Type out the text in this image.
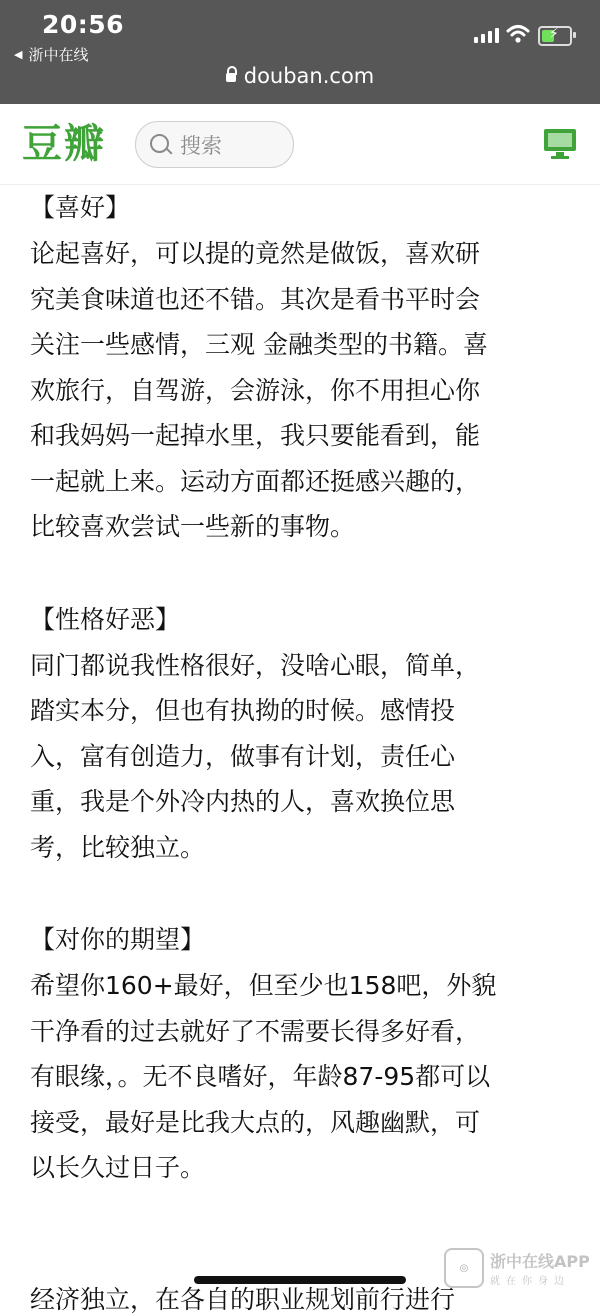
20:56
◀ 浙中在线
⚡
douban.com
豆瓣	搜索
【喜好】
论起喜好，可以提的竟然是做饭，喜欢研
究美食味道也还不错。其次是看书平时会
关注一些感情，三观 金融类型的书籍。喜
欢旅行，自驾游，会游泳，你不用担心你
和我妈妈一起掉水里，我只要能看到，能
一起就上来。运动方面都还挺感兴趣的，
比较喜欢尝试一些新的事物。
【性格好恶】
同门都说我性格很好，没啥心眼，简单，
踏实本分，但也有执拗的时候。感情投
入，富有创造力，做事有计划，责任心
重，我是个外冷内热的人，喜欢换位思
考，比较独立。
【对你的期望】
希望你160+最好，但至少也158吧，外貌
干净看的过去就好了不需要长得多好看，
有眼缘，。无不良嗜好，年龄87-95都可以
接受，最好是比我大点的，风趣幽默，可
以长久过日子。
经济独立，在各自的职业规划前行进行
◎	浙中在线APP
就在你身边
